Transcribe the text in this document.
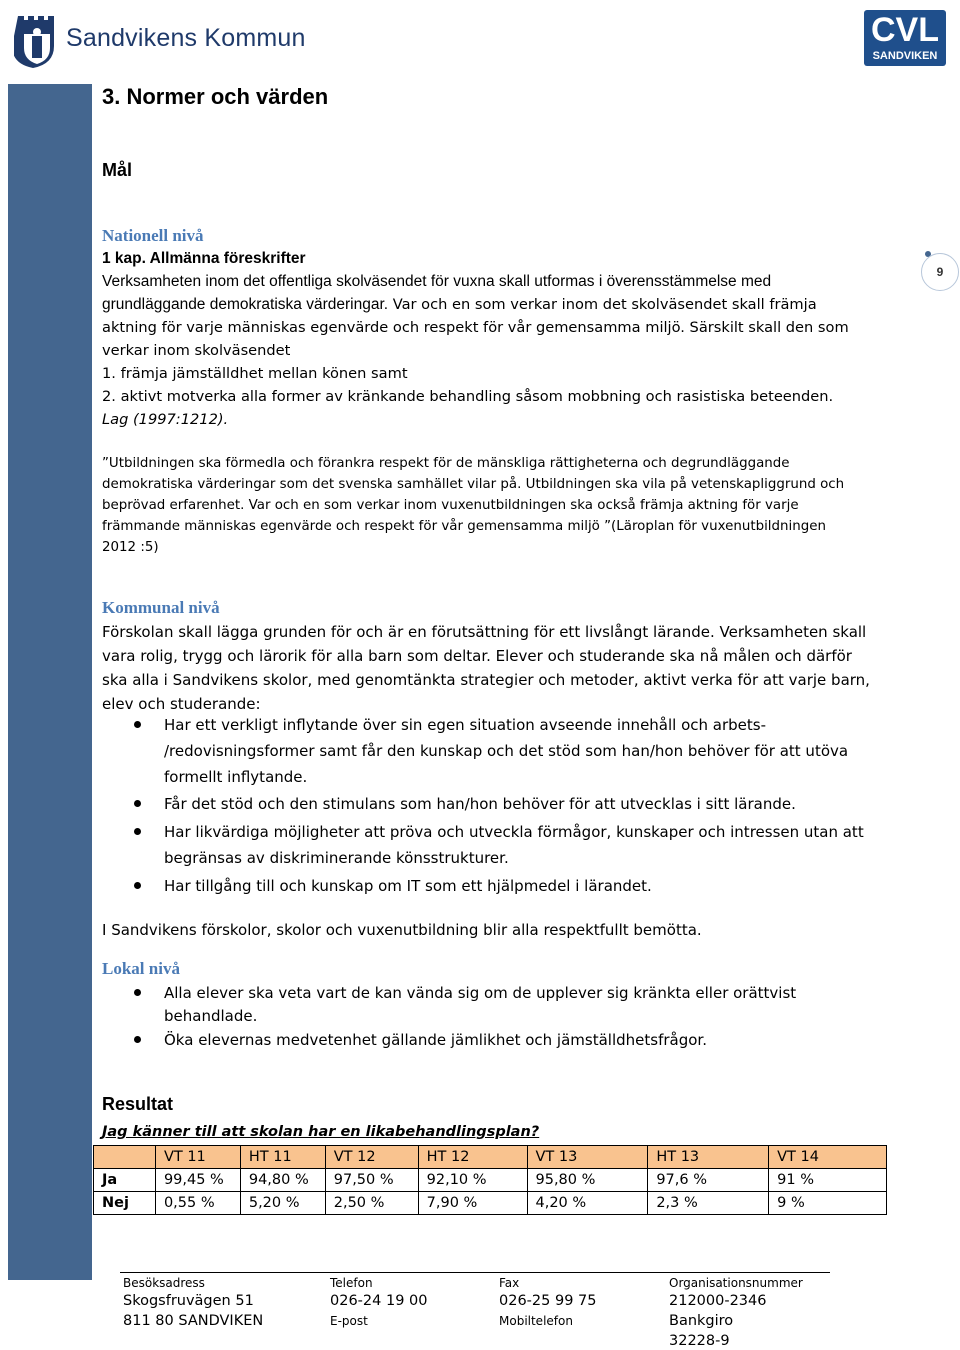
Sandvikens Kommun	CVL
SANDVIKEN
9
3. Normer och värden
Mål
Nationell nivå
1 kap. Allmänna föreskrifter
Verksamheten inom det offentliga skolväsendet för vuxna skall utformas i överensstämmelse med
grundläggande demokratiska värderingar. Var och en som verkar inom det skolväsendet skall främja
aktning för varje människas egenvärde och respekt för vår gemensamma miljö. Särskilt skall den som
verkar inom skolväsendet
1. främja jämställdhet mellan könen samt
2. aktivt motverka alla former av kränkande behandling såsom mobbning och rasistiska beteenden.
Lag (1997:1212).
”Utbildningen ska förmedla och förankra respekt för de mänskliga rättigheterna och degrundläggande
demokratiska värderingar som det svenska samhället vilar på. Utbildningen ska vila på vetenskapliggrund och
beprövad erfarenhet. Var och en som verkar inom vuxenutbildningen ska också främja aktning för varje
främmande människas egenvärde och respekt för vår gemensamma miljö ”(Läroplan för vuxenutbildningen
2012 :5)
Kommunal nivå
Förskolan skall lägga grunden för och är en förutsättning för ett livslångt lärande. Verksamheten skall
vara rolig, trygg och lärorik för alla barn som deltar. Elever och studerande ska nå målen och därför
ska alla i Sandvikens skolor, med genomtänkta strategier och metoder, aktivt verka för att varje barn,
elev och studerande:
Har ett verkligt inflytande över sin egen situation avseende innehåll och arbets-
/redovisningsformer samt får den kunskap och det stöd som han/hon behöver för att utöva
formellt inflytande.
Får det stöd och den stimulans som han/hon behöver för att utvecklas i sitt lärande.
Har likvärdiga möjligheter att pröva och utveckla förmågor, kunskaper och intressen utan att
begränsas av diskriminerande könsstrukturer.
Har tillgång till och kunskap om IT som ett hjälpmedel i lärandet.
I Sandvikens förskolor, skolor och vuxenutbildning blir alla respektfullt bemötta.
Lokal nivå
Alla elever ska veta vart de kan vända sig om de upplever sig kränkta eller orättvist
behandlade.
Öka elevernas medvetenhet gällande jämlikhet och jämställdhetsfrågor.
Resultat
Jag känner till att skolan har en likabehandlingsplan?
	VT 11	HT 11	VT 12	HT 12	VT 13	HT 13	VT 14
Ja	99,45 %	94,80 %	97,50 %	92,10 %	95,80 %	97,6 %	91 %
Nej	0,55 %	5,20 %	2,50 %	7,90 %	4,20 %	2,3 %	9 %
Besöksadress
Skogsfruvägen 51
811 80 SANDVIKEN
Telefon
026-24 19 00
E-post
Fax
026-25 99 75
Mobiltelefon
Organisationsnummer
212000-2346
Bankgiro
32228-9
